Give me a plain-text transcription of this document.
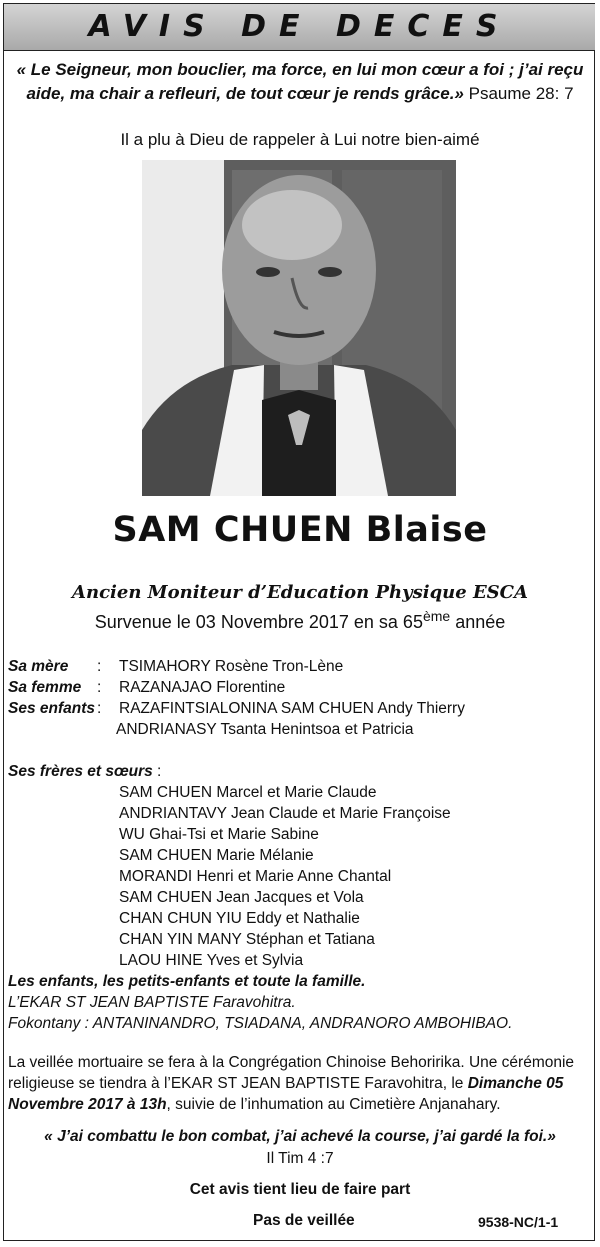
AVIS DE DECES
« Le Seigneur, mon bouclier, ma force, en lui mon cœur a foi ; j’ai reçu aide, ma chair a refleuri, de tout cœur je rends grâce.» Psaume 28: 7
Il a plu à Dieu de rappeler à Lui notre bien-aimé
SAM CHUEN Blaise
Ancien Moniteur d’Education Physique ESCA
Survenue le 03 Novembre 2017 en sa 65ème année
Sa mère : TSIMAHORY Rosène Tron-Lène
Sa femme : RAZANAJAO Florentine
Ses enfants : RAZAFINTSIALONINA SAM CHUEN Andy Thierry
ANDRIANASY Tsanta Henintsoa et Patricia
Ses frères et sœurs :
SAM CHUEN Marcel et Marie Claude
ANDRIANTAVY Jean Claude et Marie Françoise
WU Ghai-Tsi et Marie Sabine
SAM CHUEN Marie Mélanie
MORANDI Henri et Marie Anne Chantal
SAM CHUEN Jean Jacques et Vola
CHAN CHUN YIU Eddy et Nathalie
CHAN YIN MANY Stéphan et Tatiana
LAOU HINE Yves et Sylvia
Les enfants, les petits-enfants et toute la famille.
L’EKAR ST JEAN BAPTISTE Faravohitra.
Fokontany : ANTANINANDRO, TSIADANA, ANDRANORO AMBOHIBAO.
La veillée mortuaire se fera à la Congrégation Chinoise Behoririka. Une cérémonie religieuse se tiendra à l’EKAR ST JEAN BAPTISTE Faravohitra, le Dimanche 05 Novembre 2017 à 13h, suivie de l’inhumation au Cimetière Anjanahary.
« J’ai combattu le bon combat, j’ai achevé la course, j’ai gardé la foi.»
Il Tim 4 :7
Cet avis tient lieu de faire part
Pas de veillée	9538-NC/1-1
